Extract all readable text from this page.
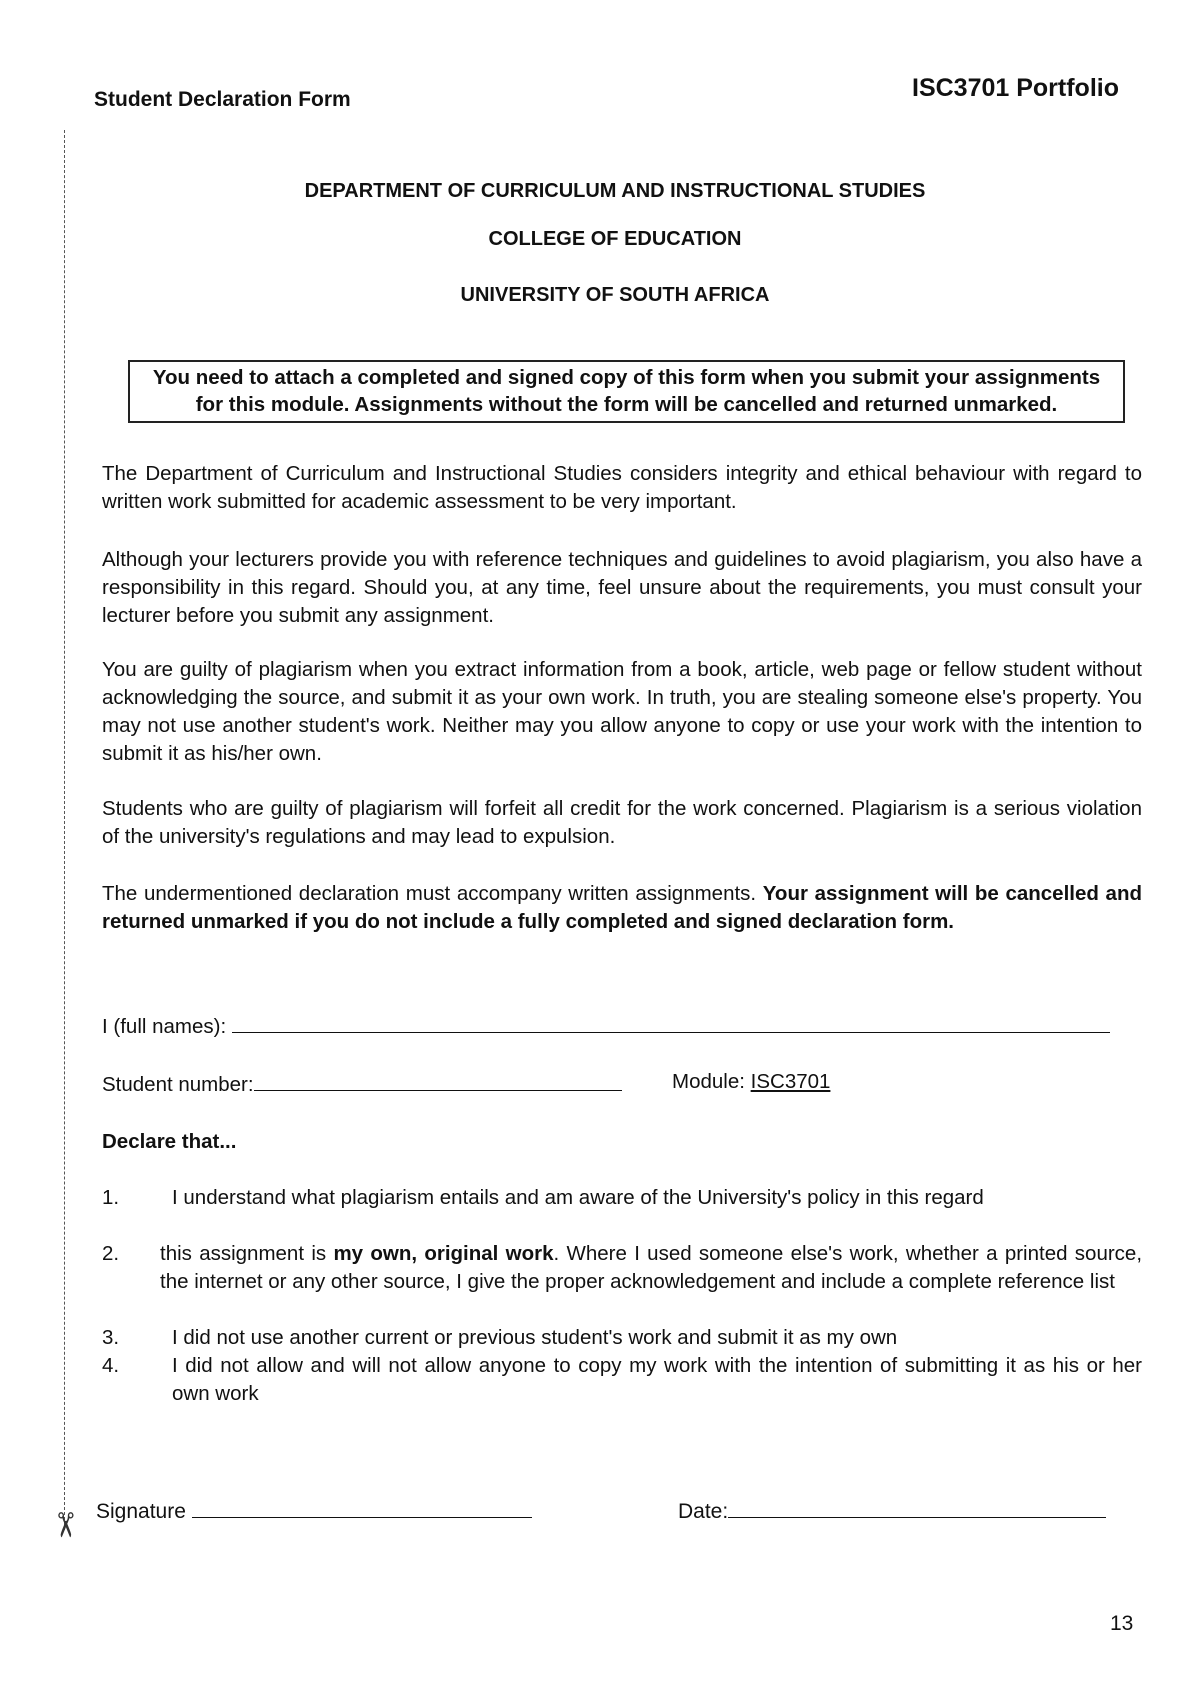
Student Declaration Form	ISC3701 Portfolio
✂
DEPARTMENT OF CURRICULUM AND INSTRUCTIONAL STUDIES
COLLEGE OF EDUCATION
UNIVERSITY OF SOUTH AFRICA
You need to attach a completed and signed copy of this form when you submit your assignments for this module. Assignments without the form will be cancelled and returned unmarked.
The Department of Curriculum and Instructional Studies considers integrity and ethical behaviour with regard to written work submitted for academic assessment to be very important.
Although your lecturers provide you with reference techniques and guidelines to avoid plagiarism, you also have a responsibility in this regard. Should you, at any time, feel unsure about the requirements, you must consult your lecturer before you submit any assignment.
You are guilty of plagiarism when you extract information from a book, article, web page or fellow student without acknowledging the source, and submit it as your own work. In truth, you are stealing someone else's property. You may not use another student's work. Neither may you allow anyone to copy or use your work with the intention to submit it as his/her own.
Students who are guilty of plagiarism will forfeit all credit for the work concerned. Plagiarism is a serious violation of the university's regulations and may lead to expulsion.
The undermentioned declaration must accompany written assignments. Your assignment will be cancelled and returned unmarked if you do not include a fully completed and signed declaration form.
I (full names):
Student number:	Module: ISC3701
Declare that...
1.	I understand what plagiarism entails and am aware of the University's policy in this regard
2. this assignment is my own, original work. Where I used someone else's work, whether a printed source, the internet or any other source, I give the proper acknowledgement and include a complete reference list
3.	I did not use another current or previous student's work and submit it as my own
4.	I did not allow and will not allow anyone to copy my work with the intention of submitting it as his or her own work
Signature	Date:
13
